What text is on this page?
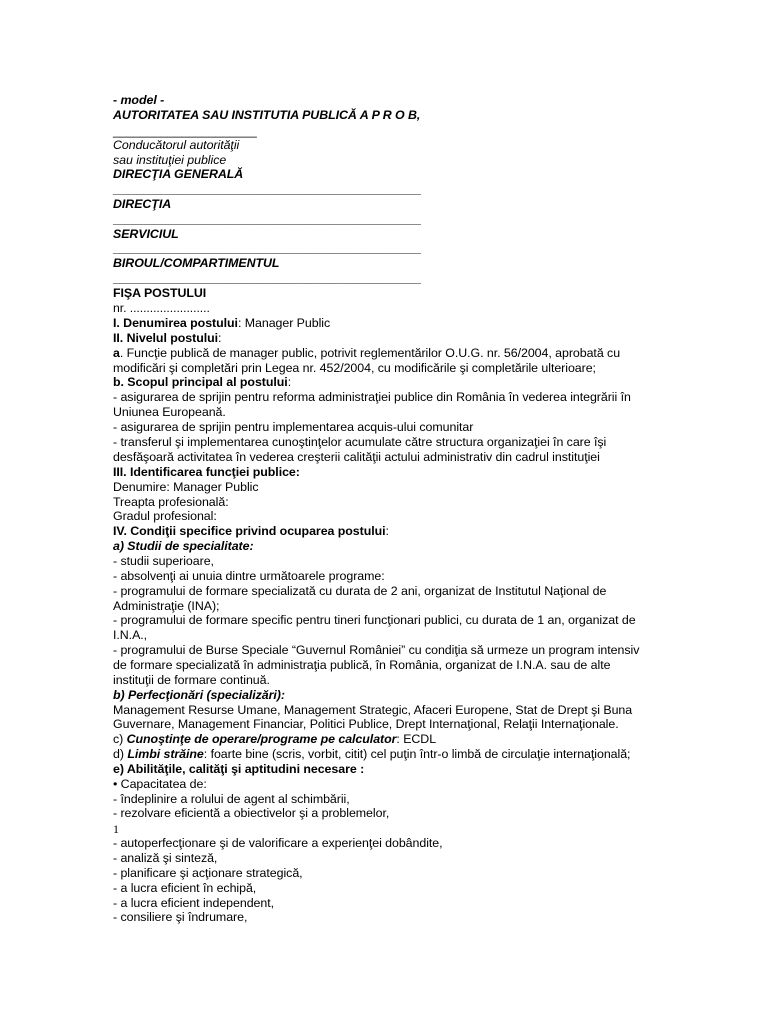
- model -
AUTORITATEA SAU INSTITUTIA PUBLICĂ A P R O B,
_____________________
Conducătorul autorităţii
sau instituţiei publice
DIRECŢIA GENERALĂ
_____________________________________________
DIRECŢIA
_____________________________________________
SERVICIUL
_____________________________________________
BIROUL/COMPARTIMENTUL
_____________________________________________
FIŞA POSTULUI
nr. ........................
I. Denumirea postului: Manager Public
II. Nivelul postului:
a. Funcţie publică de manager public, potrivit reglementărilor O.U.G. nr. 56/2004, aprobată cu
modificări şi completări prin Legea nr. 452/2004, cu modificările şi completările ulterioare;
b. Scopul principal al postului:
- asigurarea de sprijin pentru reforma administraţiei publice din România în vederea integrării în
Uniunea Europeană.
- asigurarea de sprijin pentru implementarea acquis-ului comunitar
- transferul şi implementarea cunoştinţelor acumulate către structura organizaţiei în care îşi
desfăşoară activitatea în vederea creşterii calităţii actului administrativ din cadrul instituţiei
III. Identificarea funcţiei publice:
Denumire: Manager Public
Treapta profesională:
Gradul profesional:
IV. Condiţii specifice privind ocuparea postului:
a) Studii de specialitate:
- studii superioare,
- absolvenţi ai unuia dintre următoarele programe:
- programului de formare specializată cu durata de 2 ani, organizat de Institutul Naţional de
Administraţie (INA);
- programului de formare specific pentru tineri funcţionari publici, cu durata de 1 an, organizat de
I.N.A.,
- programului de Burse Speciale “Guvernul României” cu condiţia să urmeze un program intensiv
de formare specializată în administraţia publică, în România, organizat de I.N.A. sau de alte
instituţii de formare continuă.
b) Perfecţionări (specializări):
Management Resurse Umane, Management Strategic, Afaceri Europene, Stat de Drept şi Buna
Guvernare, Management Financiar, Politici Publice, Drept Internaţional, Relaţii Internaţionale.
c) Cunoştinţe de operare/programe pe calculator: ECDL
d) Limbi străine: foarte bine (scris, vorbit, citit) cel puţin într-o limbă de circulaţie internaţională;
e) Abilităţile, calităţi şi aptitudini necesare :
• Capacitatea de:
- îndeplinire a rolului de agent al schimbării,
- rezolvare eficientă a obiectivelor şi a problemelor,
1
- autoperfecţionare şi de valorificare a experienţei dobândite,
- analiză şi sinteză,
- planificare şi acţionare strategică,
- a lucra eficient în echipă,
- a lucra eficient independent,
- consiliere şi îndrumare,
